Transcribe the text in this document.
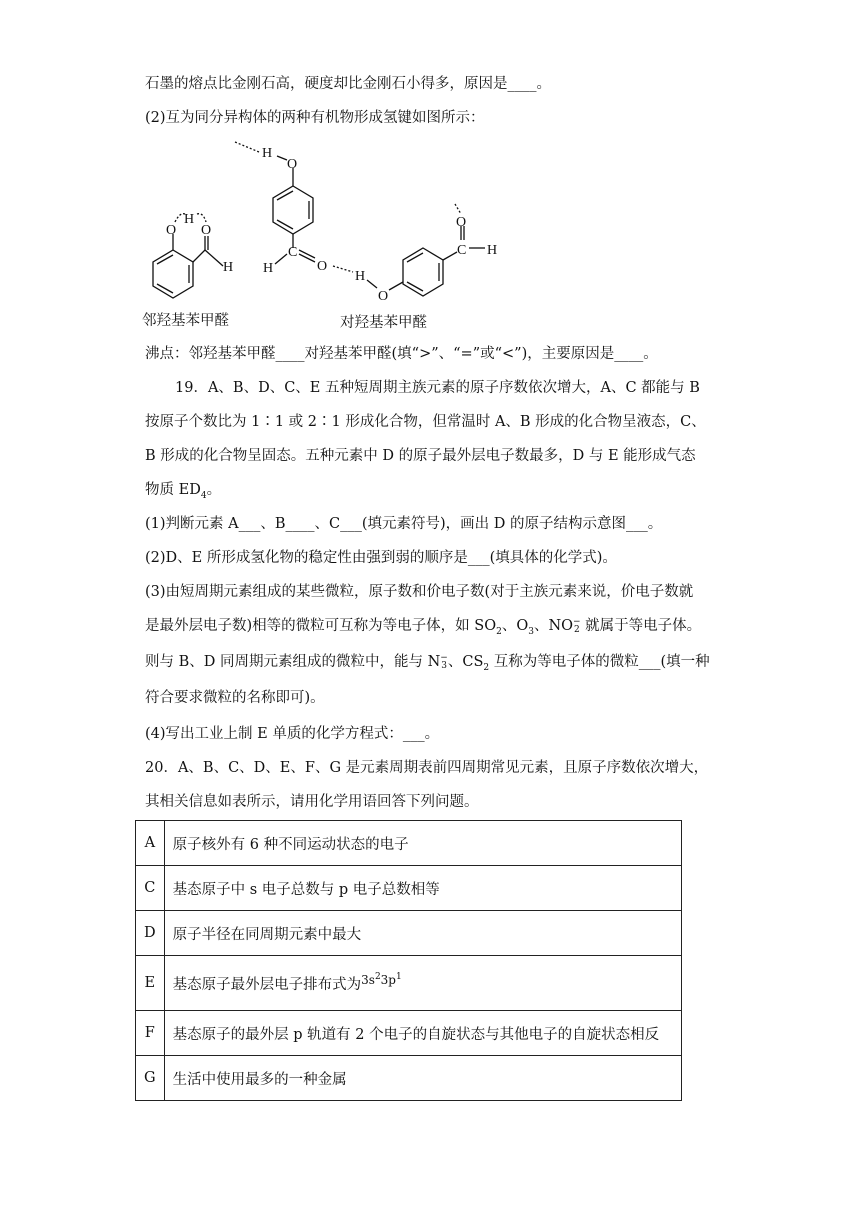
石墨的熔点比金刚石高，硬度却比金刚石小得多，原因是____。
(2)互为同分异构体的两种有机物形成氢键如图所示：
O
H
O
H
H
O
C
H	O
H
O
C H
O
邻羟基苯甲醛	对羟基苯甲醛
沸点：邻羟基苯甲醛____对羟基苯甲醛(填“>”、“=”或“<”)，主要原因是____。
19．A、B、D、C、E 五种短周期主族元素的原子序数依次增大，A、C 都能与 B
按原子个数比为 1∶1 或 2∶1 形成化合物，但常温时 A、B 形成的化合物呈液态，C、
B 形成的化合物呈固态。五种元素中 D 的原子最外层电子数最多，D 与 E 能形成气态
物质 $ED_4$。
(1)判断元素 A___、B____、C___(填元素符号)，画出 D 的原子结构示意图___。
(2)D、E 所形成氢化物的稳定性由强到弱的顺序是___(填具体的化学式)。
(3)由短周期元素组成的某些微粒，原子数和价电子数(对于主族元素来说，价电子数就
是最外层电子数)相等的微粒可互称为等电子体，如 $SO_2$、$O_3$、NO−
2 就属于等电子体。
则与 B、D 同周期元素组成的微粒中，能与 N−
3、$CS_2$ 互称为等电子体的微粒___(填一种
符合要求微粒的名称即可)。
(4)写出工业上制 E 单质的化学方程式：___。
20．A、B、C、D、E、F、G 是元素周期表前四周期常见元素，且原子序数依次增大，
其相关信息如表所示，请用化学用语回答下列问题。
A	原子核外有 6 种不同运动状态的电子
C	基态原子中 s 电子总数与 p 电子总数相等
D	原子半径在同周期元素中最大
E	基态原子最外层电子排布式为$^{3s^23p^1}$
F	基态原子的最外层 p 轨道有 2 个电子的自旋状态与其他电子的自旋状态相反
G	生活中使用最多的一种金属
